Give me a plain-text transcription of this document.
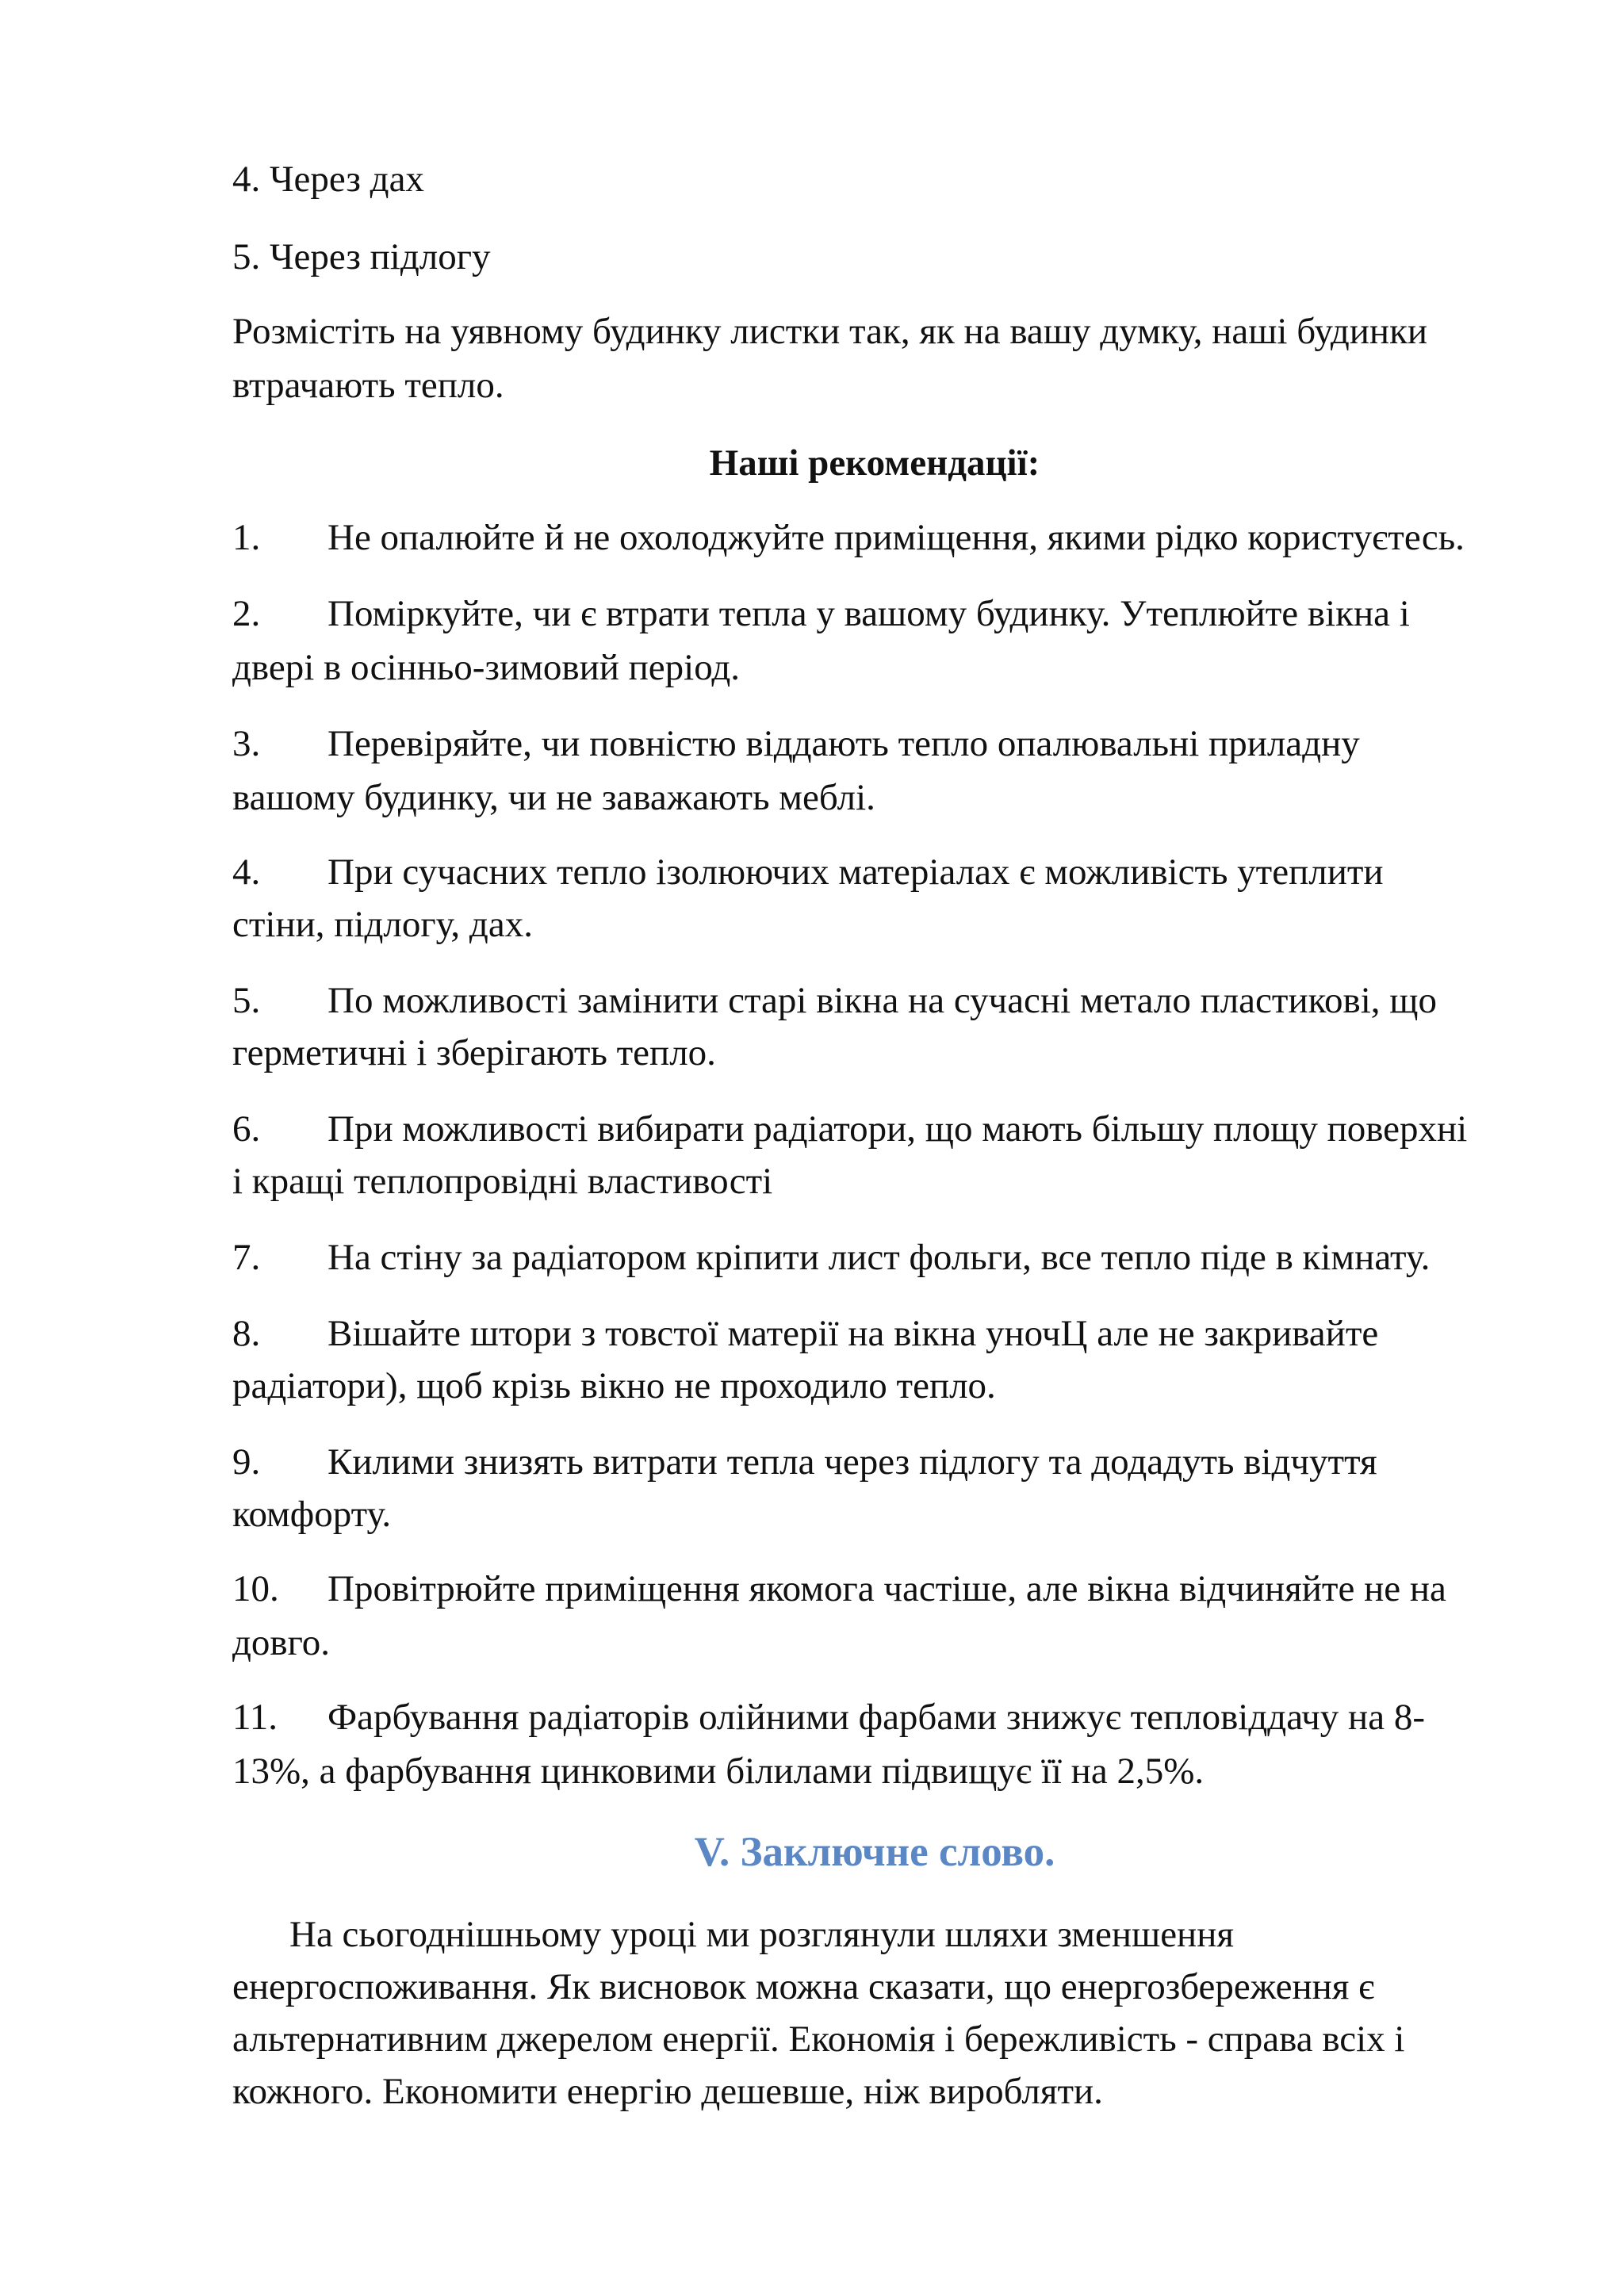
4. Через дах
5. Через підлогу
Розмістіть на уявному будинку листки так, як на вашу думку, наші будинки
втрачають тепло.
Наші рекомендації:
1. Не опалюйте й не охолоджуйте приміщення, якими рідко користуєтесь.
2. Поміркуйте, чи є втрати тепла у вашому будинку. Утеплюйте вікна і
двері в осінньо-зимовий період.
3. Перевіряйте, чи повністю віддають тепло опалювальні приладну
вашому будинку, чи не заважають меблі.
4. При сучасних тепло ізолюючих матеріалах є можливість утеплити
стіни, підлогу, дах.
5. По можливості замінити старі вікна на сучасні метало пластикові, що
герметичні і зберігають тепло.
6. При можливості вибирати радіатори, що мають більшу площу поверхні
і кращі теплопровідні властивості
7. На стіну за радіатором кріпити лист фольги, все тепло піде в кімнату.
8. Вішайте штори з товстої матерії на вікна уночЦ але не закривайте
радіатори), щоб крізь вікно не проходило тепло.
9. Килими знизять витрати тепла через підлогу та додадуть відчуття
комфорту.
10. Провітрюйте приміщення якомога частіше, але вікна відчиняйте не на
довго.
11. Фарбування радіаторів олійними фарбами знижує тепловіддачу на 8-
13%, а фарбування цинковими білилами підвищує її на 2,5%.
V. Заключне слово.
На сьогоднішньому уроці ми розглянули шляхи зменшення
енергоспоживання. Як висновок можна сказати, що енергозбереження є
альтернативним джерелом енергії. Економія і бережливість - справа всіх і
кожного. Економити енергію дешевше, ніж виробляти.
